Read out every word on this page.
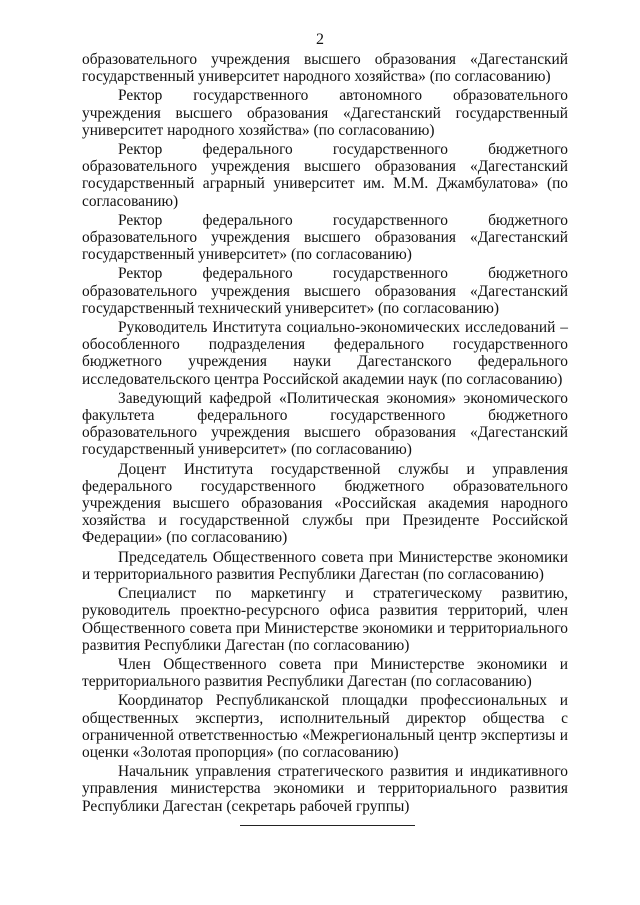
2

образовательного учреждения высшего образования «Дагестанский государственный университет народного хозяйства» (по согласованию)

Ректор государственного автономного образовательного учреждения высшего образования «Дагестанский государственный университет народного хозяйства» (по согласованию)

Ректор федерального государственного бюджетного образовательного учреждения высшего образования «Дагестанский государственный аграрный университет им. М.М. Джамбулатова» (по согласованию)

Ректор федерального государственного бюджетного образовательного учреждения высшего образования «Дагестанский государственный университет» (по согласованию)

Ректор федерального государственного бюджетного образовательного учреждения высшего образования «Дагестанский государственный технический университет» (по согласованию)

Руководитель Института социально-экономических исследований – обособленного подразделения федерального государственного бюджетного учреждения науки Дагестанского федерального исследовательского центра Российской академии наук (по согласованию)

Заведующий кафедрой «Политическая экономия» экономического факультета федерального государственного бюджетного образовательного учреждения высшего образования «Дагестанский государственный университет» (по согласованию)

Доцент Института государственной службы и управления федерального государственного бюджетного образовательного учреждения высшего образования «Российская академия народного хозяйства и государственной службы при Президенте Российской Федерации» (по согласованию)

Председатель Общественного совета при Министерстве экономики и территориального развития Республики Дагестан (по согласованию)

Специалист по маркетингу и стратегическому развитию, руководитель проектно-ресурсного офиса развития территорий, член Общественного совета при Министерстве экономики и территориального развития Республики Дагестан (по согласованию)

Член Общественного совета при Министерстве экономики и территориального развития Республики Дагестан (по согласованию)

Координатор Республиканской площадки профессиональных и общественных экспертиз, исполнительный директор общества с ограниченной ответственностью «Межрегиональный центр экспертизы и оценки «Золотая пропорция» (по согласованию)

Начальник управления стратегического развития и индикативного управления министерства экономики и территориального развития Республики Дагестан (секретарь рабочей группы)
